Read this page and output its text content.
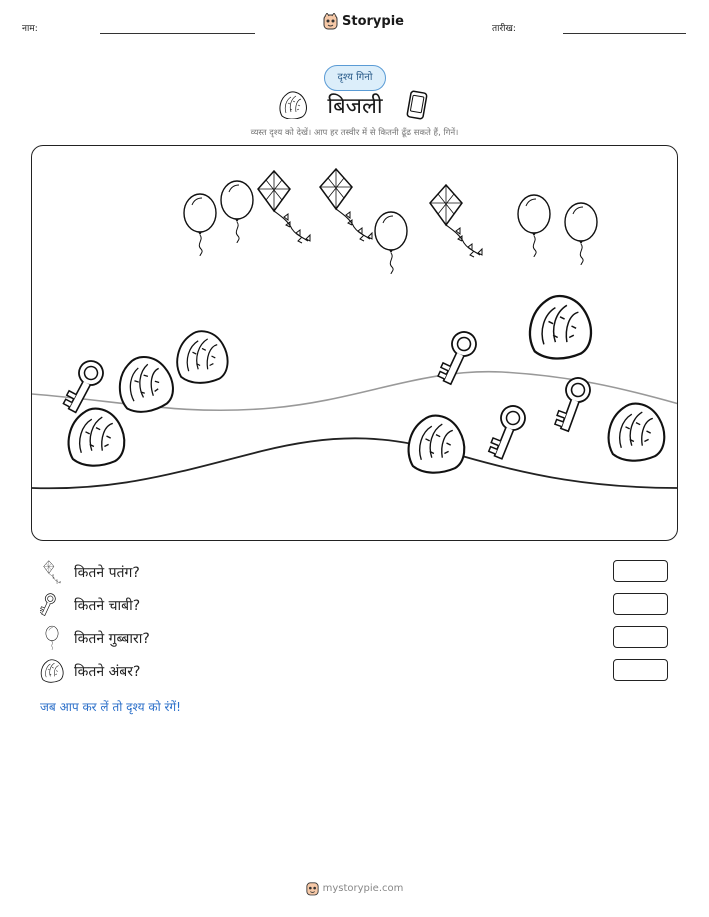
नाम:	Storypie	तारीख:
दृश्य गिनो
बिजली
व्यस्त दृश्य को देखें। आप हर तस्वीर में से कितनी ढूँढ सकते हैं, गिनें।
कितने पतंग?
कितने चाबी?
कितने गुब्बारा?
कितने अंबर?
जब आप कर लें तो दृश्य को रंगें!
mystorypie.com
